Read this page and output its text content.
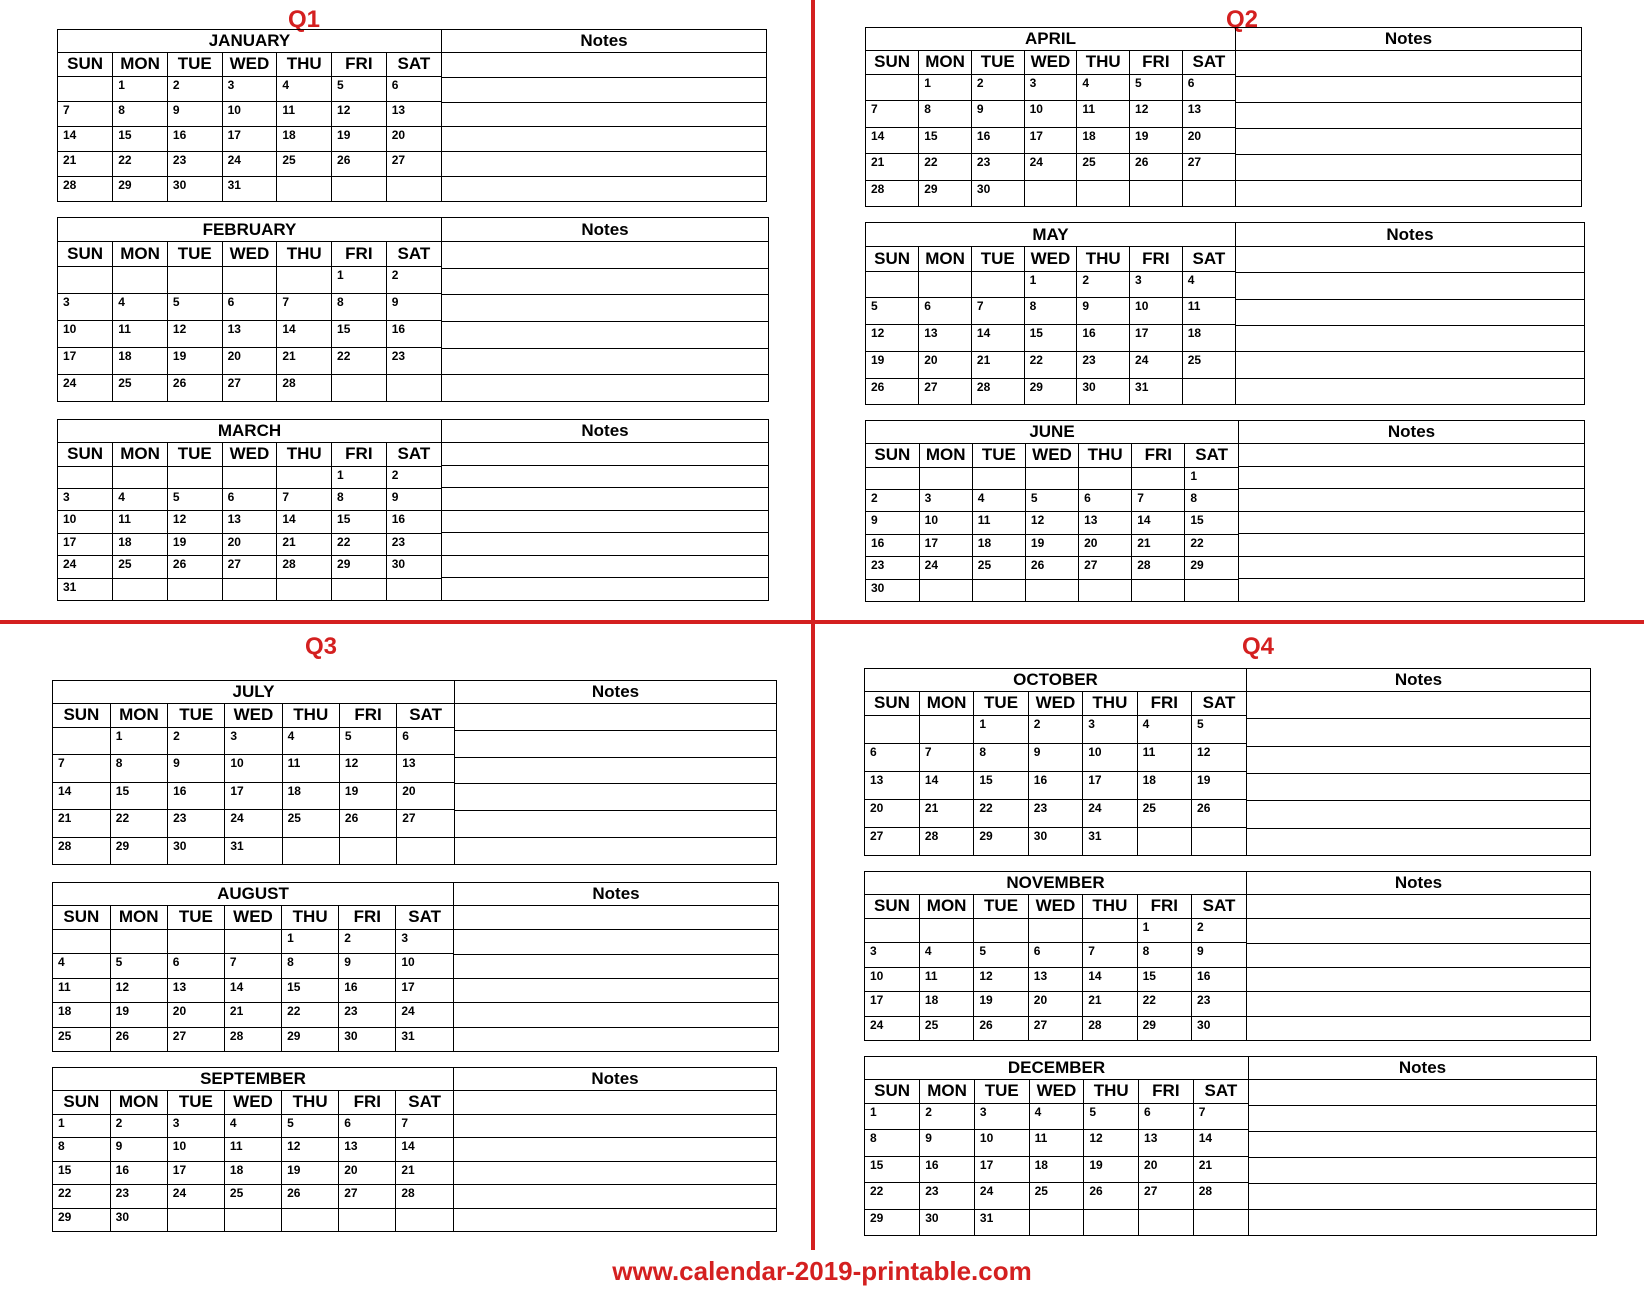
Q1	Q2
Q3	Q4
JANUARY
SUN	MON	TUE	WED	THU	FRI	SAT
	1	2	3	4	5	6
7	8	9	10	11	12	13
14	15	16	17	18	19	20
21	22	23	24	25	26	27
28	29	30	31			
Notes
FEBRUARY
SUN	MON	TUE	WED	THU	FRI	SAT
					1	2
3	4	5	6	7	8	9
10	11	12	13	14	15	16
17	18	19	20	21	22	23
24	25	26	27	28		
Notes
MARCH
SUN	MON	TUE	WED	THU	FRI	SAT
					1	2
3	4	5	6	7	8	9
10	11	12	13	14	15	16
17	18	19	20	21	22	23
24	25	26	27	28	29	30
31						
Notes
APRIL
SUN	MON	TUE	WED	THU	FRI	SAT
	1	2	3	4	5	6
7	8	9	10	11	12	13
14	15	16	17	18	19	20
21	22	23	24	25	26	27
28	29	30				
Notes
MAY
SUN	MON	TUE	WED	THU	FRI	SAT
			1	2	3	4
5	6	7	8	9	10	11
12	13	14	15	16	17	18
19	20	21	22	23	24	25
26	27	28	29	30	31	
Notes
JUNE
SUN	MON	TUE	WED	THU	FRI	SAT
						1
2	3	4	5	6	7	8
9	10	11	12	13	14	15
16	17	18	19	20	21	22
23	24	25	26	27	28	29
30						
Notes
JULY
SUN	MON	TUE	WED	THU	FRI	SAT
	1	2	3	4	5	6
7	8	9	10	11	12	13
14	15	16	17	18	19	20
21	22	23	24	25	26	27
28	29	30	31			
Notes
AUGUST
SUN	MON	TUE	WED	THU	FRI	SAT
				1	2	3
4	5	6	7	8	9	10
11	12	13	14	15	16	17
18	19	20	21	22	23	24
25	26	27	28	29	30	31
Notes
SEPTEMBER
SUN	MON	TUE	WED	THU	FRI	SAT
1	2	3	4	5	6	7
8	9	10	11	12	13	14
15	16	17	18	19	20	21
22	23	24	25	26	27	28
29	30					
Notes
OCTOBER
SUN	MON	TUE	WED	THU	FRI	SAT
		1	2	3	4	5
6	7	8	9	10	11	12
13	14	15	16	17	18	19
20	21	22	23	24	25	26
27	28	29	30	31		
Notes
NOVEMBER
SUN	MON	TUE	WED	THU	FRI	SAT
					1	2
3	4	5	6	7	8	9
10	11	12	13	14	15	16
17	18	19	20	21	22	23
24	25	26	27	28	29	30
Notes
DECEMBER
SUN	MON	TUE	WED	THU	FRI	SAT
1	2	3	4	5	6	7
8	9	10	11	12	13	14
15	16	17	18	19	20	21
22	23	24	25	26	27	28
29	30	31				
Notes
www.calendar-2019-printable.com
